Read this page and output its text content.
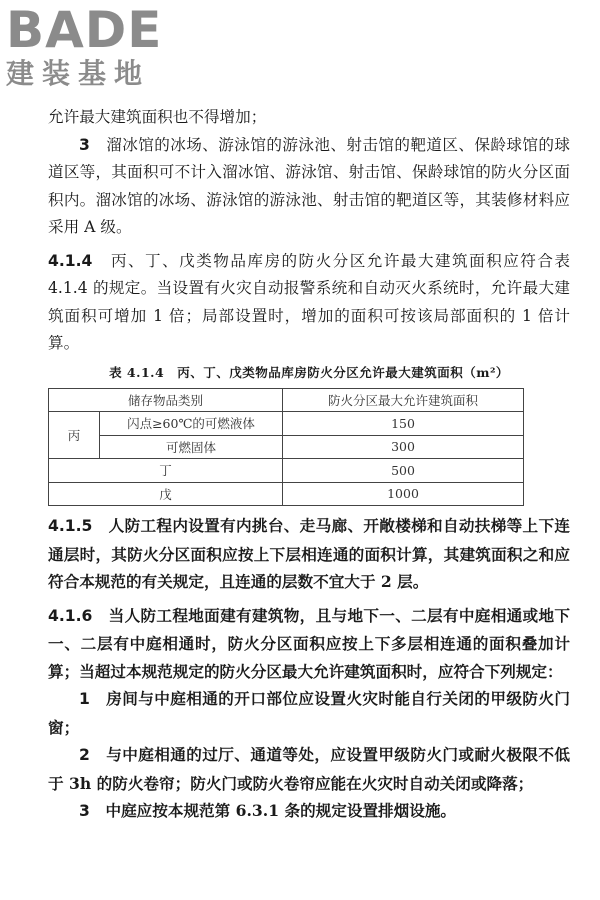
BADE
建装基地

允许最大建筑面积也不得增加；

3　 溜冰馆的冰场、游泳馆的游泳池、射击馆的靶道区、保龄球馆的球道区等，其面积可不计入溜冰馆、游泳馆、射击馆、保龄球馆的防火分区面积内。溜冰馆的冰场、游泳馆的游泳池、射击馆的靶道区等，其装修材料应采用 A 级。

4.1.4　 丙、丁、戊类物品库房的防火分区允许最大建筑面积应符合表 4.1.4 的规定。当设置有火灾自动报警系统和自动灭火系统时，允许最大建筑面积可增加 1 倍；局部设置时，增加的面积可按该局部面积的 1 倍计算。

表 4.1.4　丙、丁、戊类物品库房防火分区允许最大建筑面积（m²）
储存物品类别		防火分区最大允许建筑面积
丙	闪点≥60℃的可燃液体	150
	可燃固体	300
丁		500
戊		1000

4.1.5　 人防工程内设置有内挑台、走马廊、开敞楼梯和自动扶梯等上下连通层时，其防火分区面积应按上下层相连通的面积计算，其建筑面积之和应符合本规范的有关规定，且连通的层数不宜大于 2 层。

4.1.6　 当人防工程地面建有建筑物，且与地下一、二层有中庭相通或地下一、二层有中庭相通时，防火分区面积应按上下多层相连通的面积叠加计算；当超过本规范规定的防火分区最大允许建筑面积时，应符合下列规定：

1　 房间与中庭相通的开口部位应设置火灾时能自行关闭的甲级防火门窗；

2　 与中庭相通的过厅、通道等处，应设置甲级防火门或耐火极限不低于 3h 的防火卷帘；防火门或防火卷帘应能在火灾时自动关闭或降落；

3　 中庭应按本规范第 6.3.1 条的规定设置排烟设施。
